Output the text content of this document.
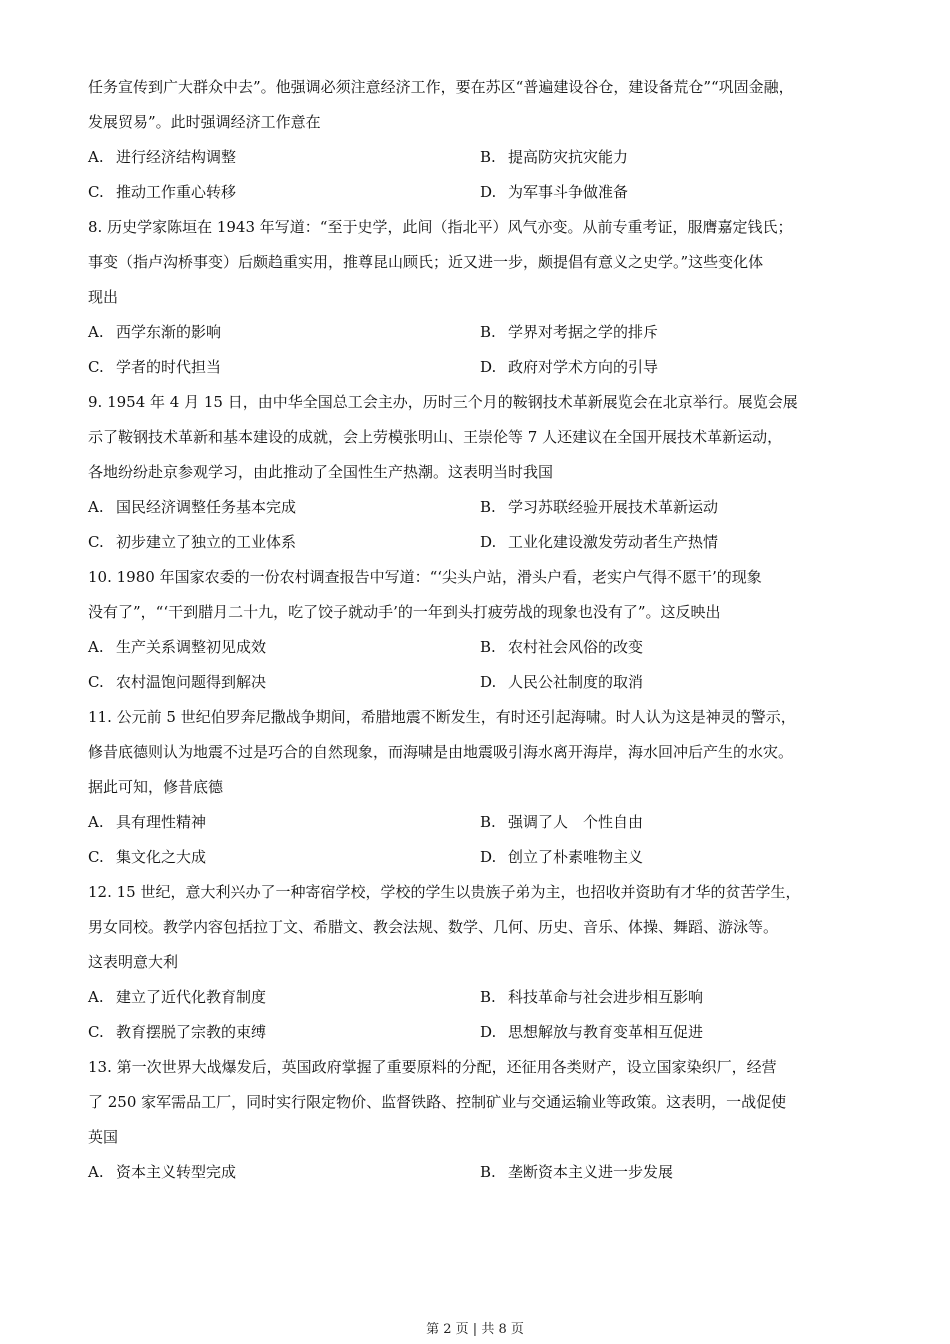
任务宣传到广大群众中去”。他强调必须注意经济工作，要在苏区“普遍建设谷仓，建设备荒仓”“巩固金融，
发展贸易”。此时强调经济工作意在
A. 进行经济结构调整	B. 提高防灾抗灾能力
C. 推动工作重心转移	D. 为军事斗争做准备
8. 历史学家陈垣在 1943 年写道：“至于史学，此间（指北平）风气亦变。从前专重考证，服膺嘉定钱氏；
事变（指卢沟桥事变）后颇趋重实用，推尊昆山顾氏；近又进一步，颇提倡有意义之史学。”这些变化体
现出
A. 西学东渐的影响	B. 学界对考据之学的排斥
C. 学者的时代担当	D. 政府对学术方向的引导
9. 1954 年 4 月 15 日，由中华全国总工会主办，历时三个月的鞍钢技术革新展览会在北京举行。展览会展
示了鞍钢技术革新和基本建设的成就，会上劳模张明山、王崇伦等 7 人还建议在全国开展技术革新运动，
各地纷纷赴京参观学习，由此推动了全国性生产热潮。这表明当时我国
A. 国民经济调整任务基本完成	B. 学习苏联经验开展技术革新运动
C. 初步建立了独立的工业体系	D. 工业化建设激发劳动者生产热情
10. 1980 年国家农委的一份农村调查报告中写道：“‘尖头户站，滑头户看，老实户气得不愿干’的现象
没有了”，“‘干到腊月二十九，吃了饺子就动手’的一年到头打疲劳战的现象也没有了”。这反映出
A. 生产关系调整初见成效	B. 农村社会风俗的改变
C. 农村温饱问题得到解决	D. 人民公社制度的取消
11. 公元前 5 世纪伯罗奔尼撒战争期间，希腊地震不断发生，有时还引起海啸。时人认为这是神灵的警示，
修昔底德则认为地震不过是巧合的自然现象，而海啸是由地震吸引海水离开海岸，海水回冲后产生的水灾。
据此可知，修昔底德
A. 具有理性精神	B. 强调了人　个性自由
C. 集文化之大成	D. 创立了朴素唯物主义
12. 15 世纪，意大利兴办了一种寄宿学校，学校的学生以贵族子弟为主，也招收并资助有才华的贫苦学生，
男女同校。教学内容包括拉丁文、希腊文、教会法规、数学、几何、历史、音乐、体操、舞蹈、游泳等。
这表明意大利
A. 建立了近代化教育制度	B. 科技革命与社会进步相互影响
C. 教育摆脱了宗教的束缚	D. 思想解放与教育变革相互促进
13. 第一次世界大战爆发后，英国政府掌握了重要原料的分配，还征用各类财产，设立国家染织厂，经营
了 250 家军需品工厂，同时实行限定物价、监督铁路、控制矿业与交通运输业等政策。这表明，一战促使
英国
A. 资本主义转型完成	B. 垄断资本主义进一步发展
第 2 页 | 共 8 页
